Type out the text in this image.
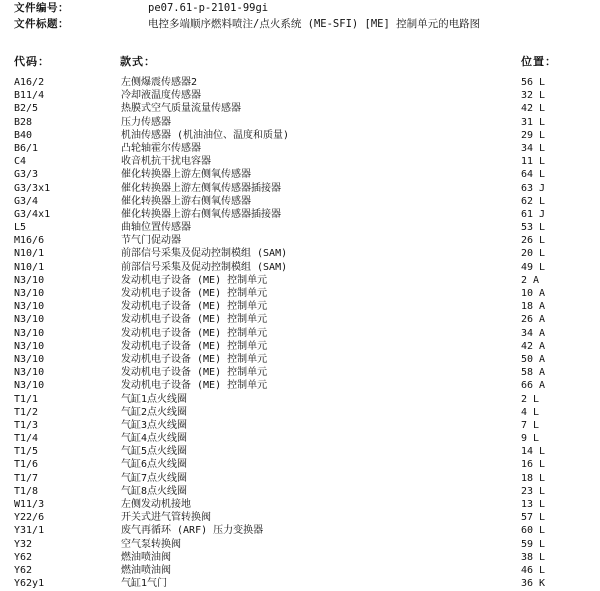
文件编号：	pe07.61-p-2101-99gi
文件标题：	电控多端顺序燃料喷注/点火系统 (ME-SFI) [ME] 控制单元的电路图
代码：	款式：	位置：
A16/2	左侧爆震传感器2	56 L
B11/4	冷却液温度传感器	32 L
B2/5	热膜式空气质量流量传感器	42 L
B28	压力传感器	31 L
B40	机油传感器 (机油油位、温度和质量)	29 L
B6/1	凸轮轴霍尔传感器	34 L
C4	收音机抗干扰电容器	11 L
G3/3	催化转换器上游左侧氧传感器	64 L
G3/3x1	催化转换器上游左侧氧传感器插接器	63 J
G3/4	催化转换器上游右侧氧传感器	62 L
G3/4x1	催化转换器上游右侧氧传感器插接器	61 J
L5	曲轴位置传感器	53 L
M16/6	节气门促动器	26 L
N10/1	前部信号采集及促动控制模组 (SAM)	20 L
N10/1	前部信号采集及促动控制模组 (SAM)	49 L
N3/10	发动机电子设备 (ME) 控制单元	2 A
N3/10	发动机电子设备 (ME) 控制单元	10 A
N3/10	发动机电子设备 (ME) 控制单元	18 A
N3/10	发动机电子设备 (ME) 控制单元	26 A
N3/10	发动机电子设备 (ME) 控制单元	34 A
N3/10	发动机电子设备 (ME) 控制单元	42 A
N3/10	发动机电子设备 (ME) 控制单元	50 A
N3/10	发动机电子设备 (ME) 控制单元	58 A
N3/10	发动机电子设备 (ME) 控制单元	66 A
T1/1	气缸1点火线圈	2 L
T1/2	气缸2点火线圈	4 L
T1/3	气缸3点火线圈	7 L
T1/4	气缸4点火线圈	9 L
T1/5	气缸5点火线圈	14 L
T1/6	气缸6点火线圈	16 L
T1/7	气缸7点火线圈	18 L
T1/8	气缸8点火线圈	23 L
W11/3	左侧发动机接地	13 L
Y22/6	开关式进气管转换阀	57 L
Y31/1	废气再循环 (ARF) 压力变换器	60 L
Y32	空气泵转换阀	59 L
Y62	燃油喷油阀	38 L
Y62	燃油喷油阀	46 L
Y62y1	气缸1气门	36 K
